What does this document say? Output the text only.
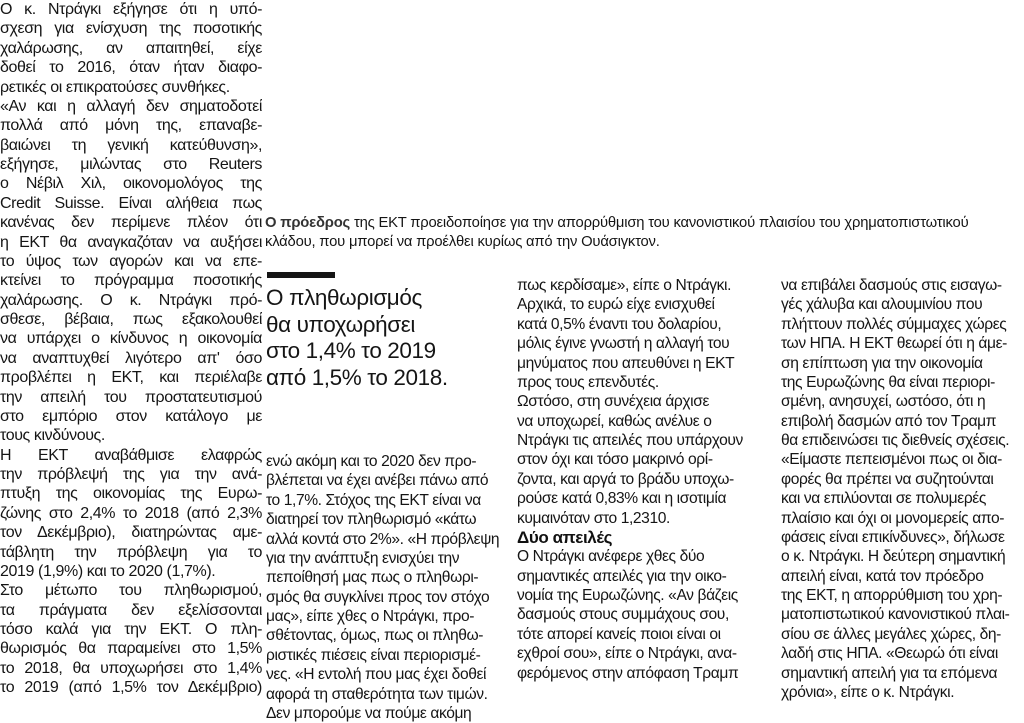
Ο κ. Ντράγκι εξήγησε ότι η υπό-
σχεση για ενίσχυση της ποσοτικής
χαλάρωσης, αν απαιτηθεί, είχε
δοθεί το 2016, όταν ήταν διαφο-
ρετικές οι επικρατούσες συνθήκες.
«Αν και η αλλαγή δεν σηματοδοτεί
πολλά από μόνη της, επαναβε-
βαιώνει τη γενική κατεύθυνση»,
εξήγησε, μιλώντας στο Reuters
ο Νέβιλ Χιλ, οικονομολόγος της
Credit Suisse. Είναι αλήθεια πως
κανένας δεν περίμενε πλέον ότι
η ΕΚΤ θα αναγκαζόταν να αυξήσει
το ύψος των αγορών και να επε-
κτείνει το πρόγραμμα ποσοτικής
χαλάρωσης. Ο κ. Ντράγκι πρό-
σθεσε, βέβαια, πως εξακολουθεί
να υπάρχει ο κίνδυνος η οικονομία
να αναπτυχθεί λιγότερο απ' όσο
προβλέπει η ΕΚΤ, και περιέλαβε
την απειλή του προστατευτισμού
στο εμπόριο στον κατάλογο με
τους κινδύνους.
Η ΕΚΤ αναβάθμισε ελαφρώς
την πρόβλεψή της για την ανά-
πτυξη της οικονομίας της Ευρω-
ζώνης στο 2,4% το 2018 (από 2,3%
τον Δεκέμβριο), διατηρώντας αμε-
τάβλητη την πρόβλεψη για το
2019 (1,9%) και το 2020 (1,7%).
Στο μέτωπο του πληθωρισμού,
τα πράγματα δεν εξελίσσονται
τόσο καλά για την ΕΚΤ. Ο πλη-
θωρισμός θα παραμείνει στο 1,5%
το 2018, θα υποχωρήσει στο 1,4%
το 2019 (από 1,5% τον Δεκέμβριο)
Ο πρόεδρος της ΕΚΤ προειδοποίησε για την απορρύθμιση του κανονιστικού πλαισίου του χρηματοπιστωτικού
κλάδου, που μπορεί να προέλθει κυρίως από την Ουάσιγκτον.
Ο πληθωρισμός
θα υποχωρήσει
στο 1,4% το 2019
από 1,5% το 2018.
ενώ ακόμη και το 2020 δεν προ-
βλέπεται να έχει ανέβει πάνω από
το 1,7%. Στόχος της ΕΚΤ είναι να
διατηρεί τον πληθωρισμό «κάτω
αλλά κοντά στο 2%». «Η πρόβλεψη
για την ανάπτυξη ενισχύει την
πεποίθησή μας πως ο πληθωρι-
σμός θα συγκλίνει προς τον στόχο
μας», είπε χθες ο Ντράγκι, προ-
σθέτοντας, όμως, πως οι πληθω-
ριστικές πιέσεις είναι περιορισμέ-
νες. «Η εντολή που μας έχει δοθεί
αφορά τη σταθερότητα των τιμών.
Δεν μπορούμε να πούμε ακόμη
πως κερδίσαμε», είπε ο Ντράγκι.
Αρχικά, το ευρώ είχε ενισχυθεί
κατά 0,5% έναντι του δολαρίου,
μόλις έγινε γνωστή η αλλαγή του
μηνύματος που απευθύνει η ΕΚΤ
προς τους επενδυτές.
Ωστόσο, στη συνέχεια άρχισε
να υποχωρεί, καθώς ανέλυε ο
Ντράγκι τις απειλές που υπάρχουν
στον όχι και τόσο μακρινό ορί-
ζοντα, και αργά το βράδυ υποχω-
ρούσε κατά 0,83% και η ισοτιμία
κυμαινόταν στο 1,2310.
Δύο απειλές
Ο Ντράγκι ανέφερε χθες δύο
σημαντικές απειλές για την οικο-
νομία της Ευρωζώνης. «Αν βάζεις
δασμούς στους συμμάχους σου,
τότε απορεί κανείς ποιοι είναι οι
εχθροί σου», είπε ο Ντράγκι, ανα-
φερόμενος στην απόφαση Τραμπ
να επιβάλει δασμούς στις εισαγω-
γές χάλυβα και αλουμινίου που
πλήττουν πολλές σύμμαχες χώρες
των ΗΠΑ. Η ΕΚΤ θεωρεί ότι η άμε-
ση επίπτωση για την οικονομία
της Ευρωζώνης θα είναι περιορι-
σμένη, ανησυχεί, ωστόσο, ότι η
επιβολή δασμών από τον Τραμπ
θα επιδεινώσει τις διεθνείς σχέσεις.
«Είμαστε πεπεισμένοι πως οι δια-
φορές θα πρέπει να συζητούνται
και να επιλύονται σε πολυμερές
πλαίσιο και όχι οι μονομερείς απο-
φάσεις είναι επικίνδυνες», δήλωσε
ο κ. Ντράγκι. Η δεύτερη σημαντική
απειλή είναι, κατά τον πρόεδρο
της ΕΚΤ, η απορρύθμιση του χρη-
ματοπιστωτικού κανονιστικού πλαι-
σίου σε άλλες μεγάλες χώρες, δη-
λαδή στις ΗΠΑ. «Θεωρώ ότι είναι
σημαντική απειλή για τα επόμενα
χρόνια», είπε ο κ. Ντράγκι.
